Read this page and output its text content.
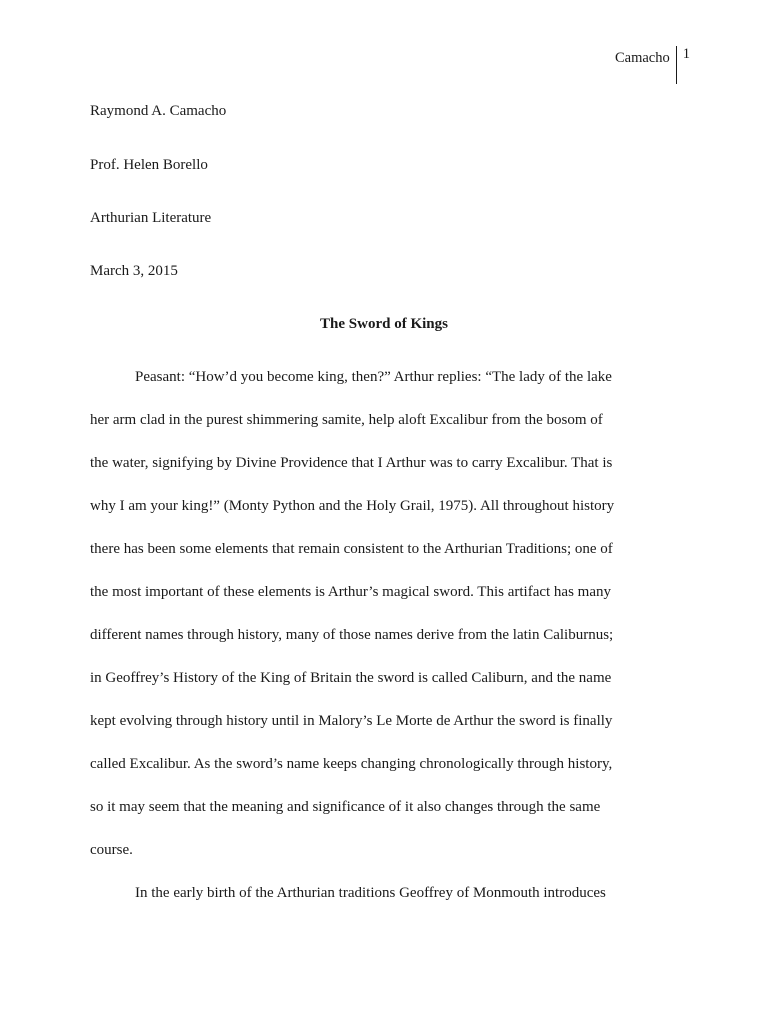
Camacho 1
Raymond A. Camacho
Prof. Helen Borello
Arthurian Literature
March 3, 2015
The Sword of Kings
Peasant: “How’d you become king, then?” Arthur replies: “The lady of the lake
her arm clad in the purest shimmering samite, help aloft Excalibur from the bosom of
the water, signifying by Divine Providence that I Arthur was to carry Excalibur. That is
why I am your king!” (Monty Python and the Holy Grail, 1975). All throughout history
there has been some elements that remain consistent to the Arthurian Traditions; one of
the most important of these elements is Arthur’s magical sword. This artifact has many
different names through history, many of those names derive from the latin Caliburnus;
in Geoffrey’s History of the King of Britain the sword is called Caliburn, and the name
kept evolving through history until in Malory’s Le Morte de Arthur the sword is finally
called Excalibur. As the sword’s name keeps changing chronologically through history,
so it may seem that the meaning and significance of it also changes through the same
course.
In the early birth of the Arthurian traditions Geoffrey of Monmouth introduces
